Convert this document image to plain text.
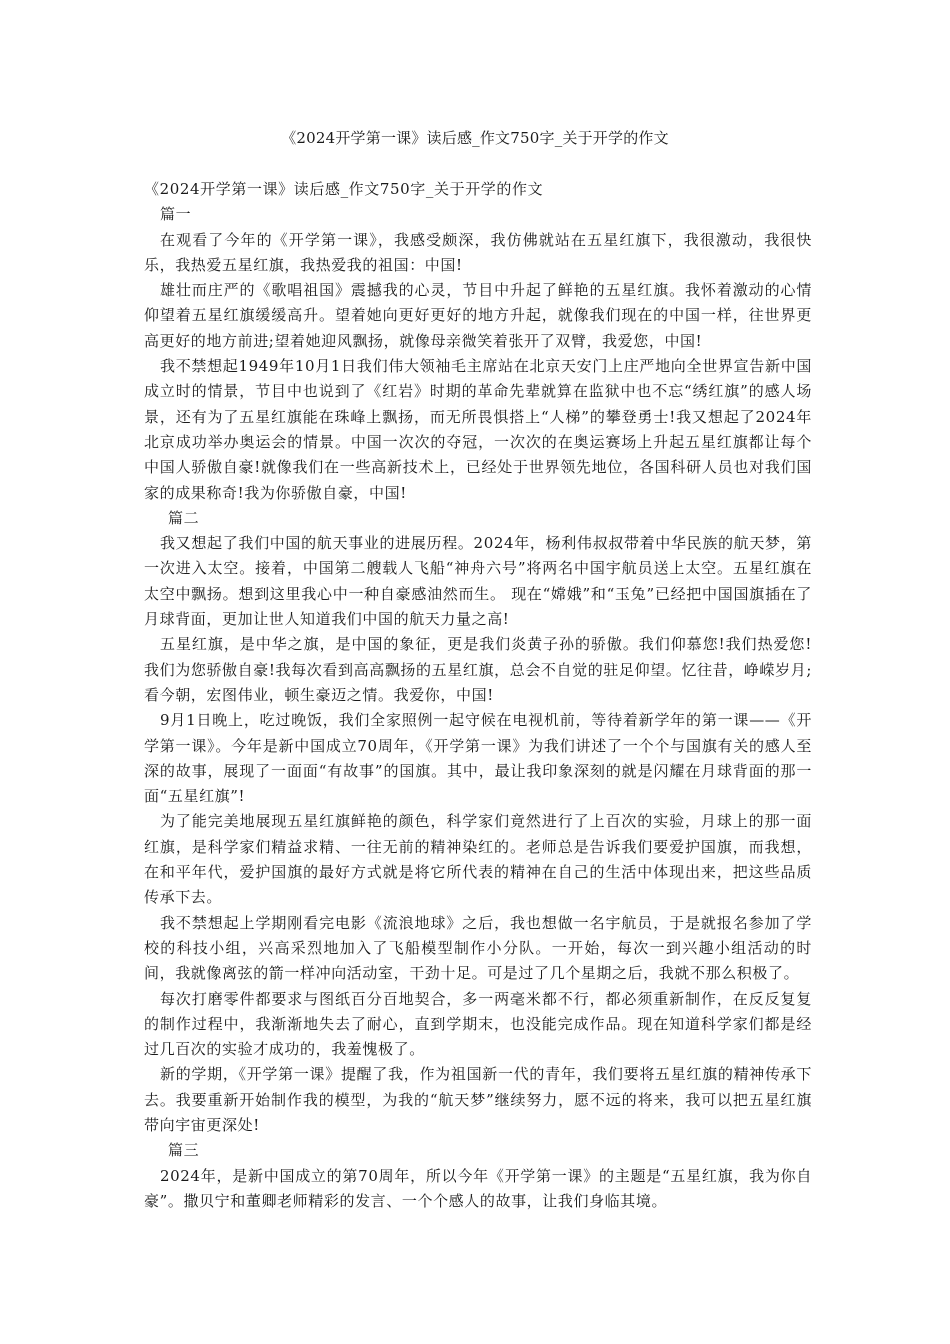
《2024开学第一课》读后感_作文750字_关于开学的作文

《2024开学第一课》读后感_作文750字_关于开学的作文

篇一

在观看了今年的《开学第一课》，我感受颇深，我仿佛就站在五星红旗下，我很激动，我很快乐，我热爱五星红旗，我热爱我的祖国：中国!

雄壮而庄严的《歌唱祖国》震撼我的心灵，节目中升起了鲜艳的五星红旗。我怀着激动的心情仰望着五星红旗缓缓高升。望着她向更好更好的地方升起，就像我们现在的中国一样，往世界更高更好的地方前进;望着她迎风飘扬，就像母亲微笑着张开了双臂，我爱您，中国!

我不禁想起1949年10月1日我们伟大领袖毛主席站在北京天安门上庄严地向全世界宣告新中国成立时的情景，节目中也说到了《红岩》时期的革命先辈就算在监狱中也不忘“绣红旗”的感人场景，还有为了五星红旗能在珠峰上飘扬，而无所畏惧搭上“人梯”的攀登勇士!我又想起了2024年北京成功举办奥运会的情景。中国一次次的夺冠，一次次的在奥运赛场上升起五星红旗都让每个中国人骄傲自豪!就像我们在一些高新技术上，已经处于世界领先地位，各国科研人员也对我们国家的成果称奇!我为你骄傲自豪，中国!

篇二

我又想起了我们中国的航天事业的进展历程。2024年，杨利伟叔叔带着中华民族的航天梦，第一次进入太空。接着，中国第二艘载人飞船“神舟六号”将两名中国宇航员送上太空。五星红旗在太空中飘扬。想到这里我心中一种自豪感油然而生。 现在“嫦娥”和“玉兔”已经把中国国旗插在了月球背面，更加让世人知道我们中国的航天力量之高!

五星红旗，是中华之旗，是中国的象征，更是我们炎黄子孙的骄傲。我们仰慕您!我们热爱您!我们为您骄傲自豪!我每次看到高高飘扬的五星红旗，总会不自觉的驻足仰望。忆往昔，峥嵘岁月;看今朝，宏图伟业，顿生豪迈之情。我爱你，中国!

9月1日晚上，吃过晚饭，我们全家照例一起守候在电视机前，等待着新学年的第一课——《开学第一课》。今年是新中国成立70周年，《开学第一课》为我们讲述了一个个与国旗有关的感人至深的故事，展现了一面面“有故事”的国旗。其中，最让我印象深刻的就是闪耀在月球背面的那一面“五星红旗”!

为了能完美地展现五星红旗鲜艳的颜色，科学家们竟然进行了上百次的实验，月球上的那一面红旗，是科学家们精益求精、一往无前的精神染红的。老师总是告诉我们要爱护国旗，而我想，在和平年代，爱护国旗的最好方式就是将它所代表的精神在自己的生活中体现出来，把这些品质传承下去。

我不禁想起上学期刚看完电影《流浪地球》之后，我也想做一名宇航员，于是就报名参加了学校的科技小组，兴高采烈地加入了飞船模型制作小分队。一开始，每次一到兴趣小组活动的时间，我就像离弦的箭一样冲向活动室，干劲十足。可是过了几个星期之后，我就不那么积极了。

每次打磨零件都要求与图纸百分百地契合，多一两毫米都不行，都必须重新制作，在反反复复的制作过程中，我渐渐地失去了耐心，直到学期末，也没能完成作品。现在知道科学家们都是经过几百次的实验才成功的，我羞愧极了。

新的学期，《开学第一课》提醒了我，作为祖国新一代的青年，我们要将五星红旗的精神传承下去。我要重新开始制作我的模型，为我的“航天梦”继续努力，愿不远的将来，我可以把五星红旗带向宇宙更深处!

篇三

2024年，是新中国成立的第70周年，所以今年《开学第一课》的主题是“五星红旗，我为你自豪”。撒贝宁和董卿老师精彩的发言、一个个感人的故事，让我们身临其境。
